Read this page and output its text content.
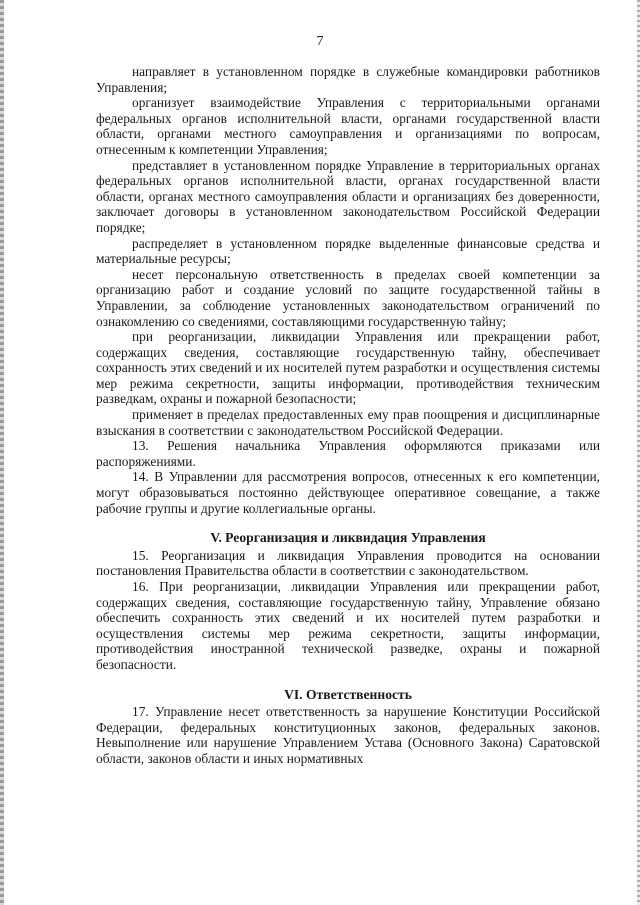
7

направляет в установленном порядке в служебные командировки работников Управления;

организует взаимодействие Управления с территориальными органами федеральных органов исполнительной власти, органами государственной власти области, органами местного самоуправления и организациями по вопросам, отнесенным к компетенции Управления;

представляет в установленном порядке Управление в территориальных органах федеральных органов исполнительной власти, органах государственной власти области, органах местного самоуправления области и организациях без доверенности, заключает договоры в установленном законодательством Российской Федерации порядке;

распределяет в установленном порядке выделенные финансовые средства и материальные ресурсы;

несет персональную ответственность в пределах своей компетенции за организацию работ и создание условий по защите государственной тайны в Управлении, за соблюдение установленных законодательством ограничений по ознакомлению со сведениями, составляющими государственную тайну;

при реорганизации, ликвидации Управления или прекращении работ, содержащих сведения, составляющие государственную тайну, обеспечивает сохранность этих сведений и их носителей путем разработки и осуществления системы мер режима секретности, защиты информации, противодействия техническим разведкам, охраны и пожарной безопасности;

применяет в пределах предоставленных ему прав поощрения и дисциплинарные взыскания в соответствии с законодательством Российской Федерации.

13. Решения начальника Управления оформляются приказами или распоряжениями.

14. В Управлении для рассмотрения вопросов, отнесенных к его компетенции, могут образовываться постоянно действующее оперативное совещание, а также рабочие группы и другие коллегиальные органы.

V. Реорганизация и ликвидация Управления

15. Реорганизация и ликвидация Управления проводится на основании постановления Правительства области в соответствии с законодательством.

16. При реорганизации, ликвидации Управления или прекращении работ, содержащих сведения, составляющие государственную тайну, Управление обязано обеспечить сохранность этих сведений и их носителей путем разработки и осуществления системы мер режима секретности, защиты информации, противодействия иностранной технической разведке, охраны и пожарной безопасности.

VI. Ответственность

17. Управление несет ответственность за нарушение Конституции Российской Федерации, федеральных конституционных законов, федеральных законов. Невыполнение или нарушение Управлением Устава (Основного Закона) Саратовской области, законов области и иных нормативных
